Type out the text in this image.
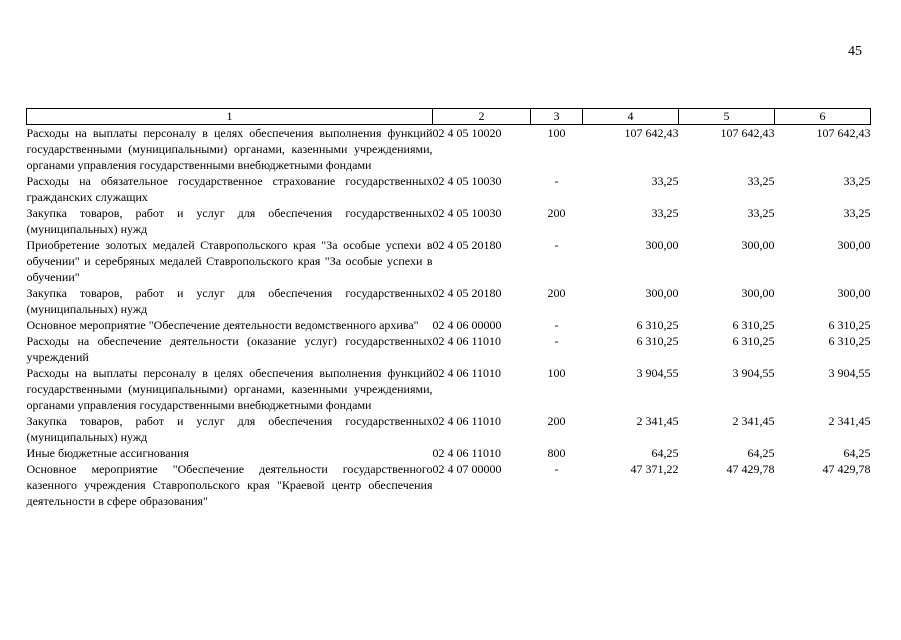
45
1	2	3	4	5	6
Расходы на выплаты персоналу в целях обеспечения выполнения функций государственными (муниципальными) органами, казенными учреждениями, органами управления государственными внебюджетными фондами	02 4 05 10020	100	107 642,43	107 642,43	107 642,43
Расходы на обязательное государственное страхование государственных гражданских служащих	02 4 05 10030	-	33,25	33,25	33,25
Закупка товаров, работ и услуг для обеспечения государственных (муниципальных) нужд	02 4 05 10030	200	33,25	33,25	33,25
Приобретение золотых медалей Ставропольского края "За особые успехи в обучении" и серебряных медалей Ставропольского края "За особые успехи в обучении"	02 4 05 20180	-	300,00	300,00	300,00
Закупка товаров, работ и услуг для обеспечения государственных (муниципальных) нужд	02 4 05 20180	200	300,00	300,00	300,00
Основное мероприятие "Обеспечение деятельности ведомственного архива"	02 4 06 00000	-	6 310,25	6 310,25	6 310,25
Расходы на обеспечение деятельности (оказание услуг) государственных учреждений	02 4 06 11010	-	6 310,25	6 310,25	6 310,25
Расходы на выплаты персоналу в целях обеспечения выполнения функций государственными (муниципальными) органами, казенными учреждениями, органами управления государственными внебюджетными фондами	02 4 06 11010	100	3 904,55	3 904,55	3 904,55
Закупка товаров, работ и услуг для обеспечения государственных (муниципальных) нужд	02 4 06 11010	200	2 341,45	2 341,45	2 341,45
Иные бюджетные ассигнования	02 4 06 11010	800	64,25	64,25	64,25
Основное мероприятие "Обеспечение деятельности государственного казенного учреждения Ставропольского края "Краевой центр обеспечения деятельности в сфере образования"	02 4 07 00000	-	47 371,22	47 429,78	47 429,78
